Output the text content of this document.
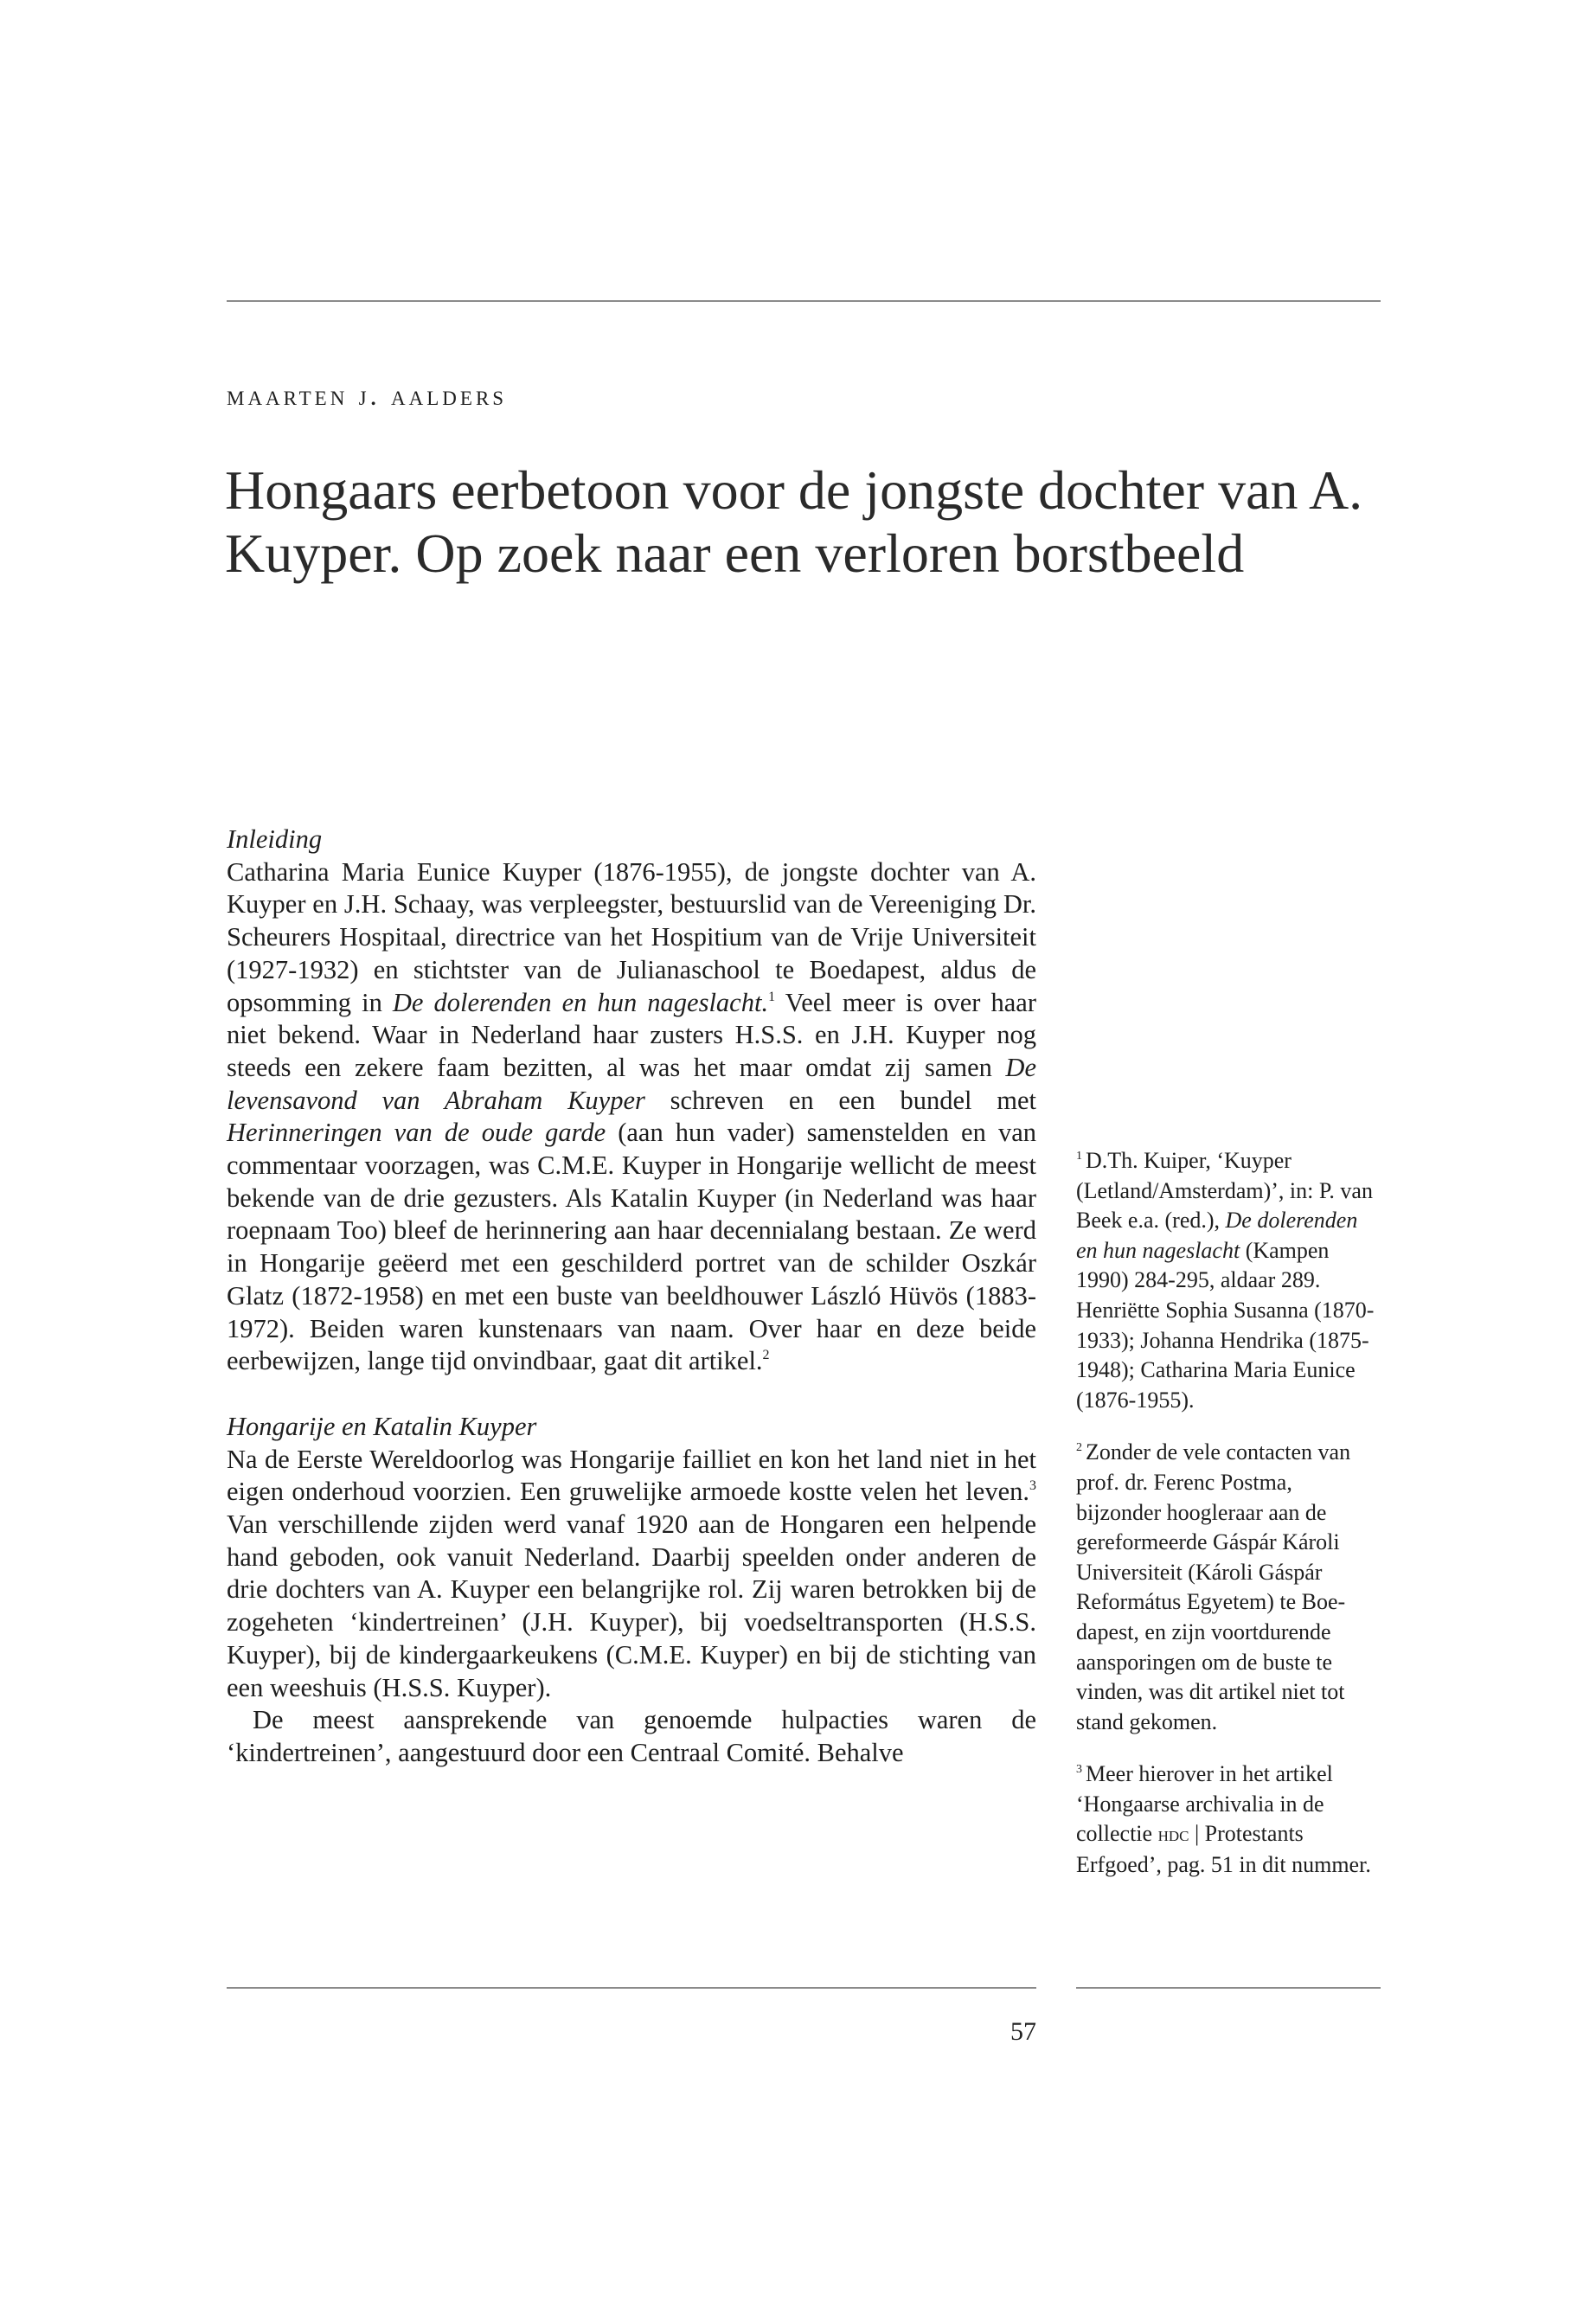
maarten j. aalders
Hongaars eerbetoon voor de jongste dochter van A. Kuyper. Op zoek naar een verloren borstbeeld
Inleiding

Catharina Maria Eunice Kuyper (1876-1955), de jongste dochter van A. Kuyper en J.H. Schaay, was verpleegster, bestuurslid van de Vereeniging Dr. Scheurers Hospitaal, directrice van het Hospitium van de Vrije Universiteit (1927-1932) en stichtster van de Julianaschool te Boedapest, aldus de opsomming in De dolerenden en hun nageslacht.$^1$ Veel meer is over haar niet bekend. Waar in Nederland haar zusters H.S.S. en J.H. Kuyper nog steeds een zekere faam bezitten, al was het maar omdat zij samen De levensavond van Abraham Kuyper schreven en een bundel met Herinneringen van de oude garde (aan hun vader) samenstelden en van commentaar voorzagen, was C.M.E. Kuyper in Hongarije wellicht de meest bekende van de drie gezusters. Als Katalin Kuyper (in Nederland was haar roepnaam Too) bleef de herinnering aan haar decennialang bestaan. Ze werd in Hongarije geëerd met een geschilderd portret van de schilder Oszkár Glatz (1872-1958) en met een buste van beeldhouwer László Hüvös (1883-1972). Beiden waren kunstenaars van naam. Over haar en deze beide eerbewijzen, lange tijd onvindbaar, gaat dit artikel.$^2$

Hongarije en Katalin Kuyper

Na de Eerste Wereldoorlog was Hongarije failliet en kon het land niet in het eigen onderhoud voorzien. Een gruwelijke armoede kostte velen het leven.$^3$ Van verschillende zijden werd vanaf 1920 aan de Hongaren een helpende hand geboden, ook vanuit Nederland. Daarbij speelden onder anderen de drie dochters van A. Kuyper een belangrijke rol. Zij waren betrokken bij de zogeheten ‘kindertreinen’ (J.H. Kuyper), bij voedseltransporten (H.S.S. Kuyper), bij de kindergaarkeukens (C.M.E. Kuyper) en bij de stichting van een weeshuis (H.S.S. Kuyper).

De meest aansprekende van genoemde hulpacties waren de ‘kindertreinen’, aangestuurd door een Centraal Comité. Behalve

$^1$ D.Th. Kuiper, ‘Kuyper (Letland/Amsterdam)’, in: P. van Beek e.a. (red.), De dolerenden en hun nageslacht (Kampen 1990) 284-295, aldaar 289. Henriëtte Sophia Susanna (1870-1933); Johanna Hendrika (1875-1948); Catharina Maria Eunice (1876-1955).

$^2$ Zonder de vele contacten van prof. dr. Ferenc Postma, bijzonder hoogleraar aan de gereformeerde Gáspár Károli Universiteit (Károli Gáspár Református Egyetem) te Boedapest, en zijn voortdurende aansporingen om de buste te vinden, was dit artikel niet tot stand gekomen.

$^3$ Meer hierover in het artikel ‘Hongaarse archivalia in de collectie hdc | Protestants Erfgoed’, pag. 51 in dit nummer.

57
